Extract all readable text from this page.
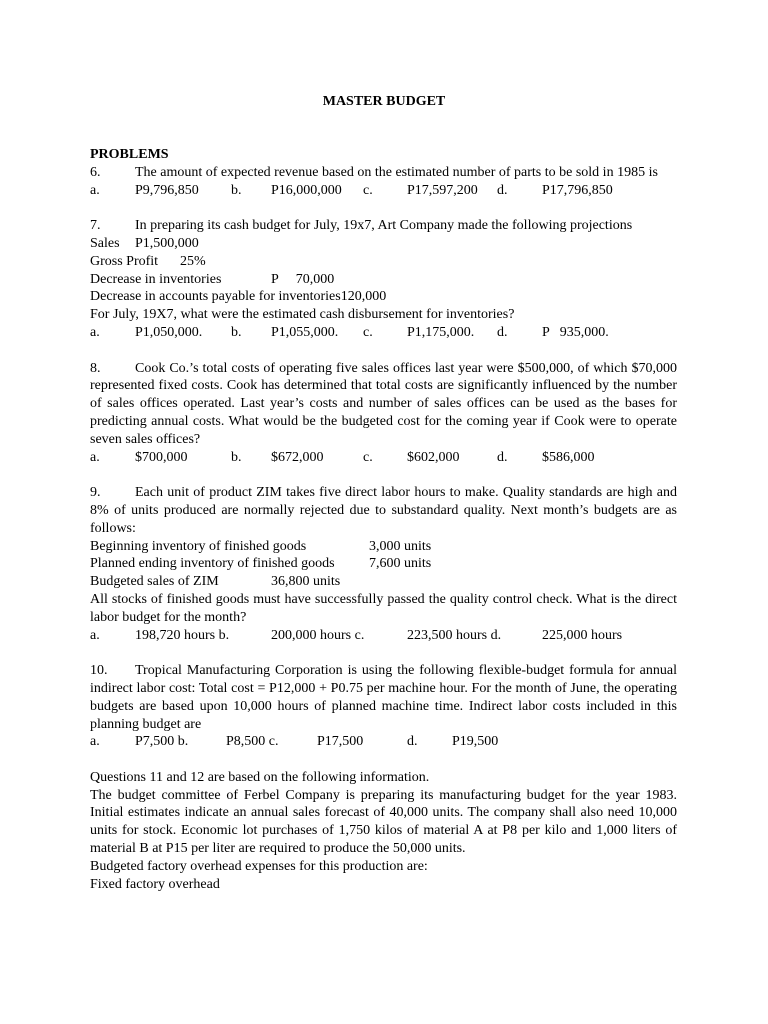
MASTER BUDGET
PROBLEMS
6. The amount of expected revenue based on the estimated number of parts to be sold in 1985 is
a.	P9,796,850 b. P16,000,000 c. P17,597,200 d. P17,796,850
7. In preparing its cash budget for July, 19x7, Art Company made the following projections
Sales P1,500,000
Gross Profit 25%
Decrease in inventories	P     70,000
Decrease in accounts payable for inventories120,000
For July, 19X7, what were the estimated cash disbursement for inventories?
a.	P1,050,000. b. P1,055,000. c. P1,175,000. d. P   935,000.
8. Cook Co.’s total costs of operating five sales offices last year were $500,000, of which $70,000 represented fixed costs. Cook has determined that total costs are significantly influenced by the number of sales offices operated. Last year’s costs and number of sales offices can be used as the bases for predicting annual costs. What would be the budgeted cost for the coming year if Cook were to operate seven sales offices?
a.	$700,000	b. $672,000	c. $602,000	d. $586,000
9. Each unit of product ZIM takes five direct labor hours to make. Quality standards are high and 8% of units produced are normally rejected due to substandard quality. Next month’s budgets are as follows:
Beginning inventory of finished goods	3,000 units
Planned ending inventory of finished goods 7,600 units
Budgeted sales of ZIM	36,800 units
All stocks of finished goods must have successfully passed the quality control check. What is the direct labor budget for the month?
a.	198,720 hours b.	200,000 hours c.	223,500 hours d.	225,000 hours
10. Tropical Manufacturing Corporation is using the following flexible-budget formula for annual indirect labor cost: Total cost = P12,000 + P0.75 per machine hour. For the month of June, the operating budgets are based upon 10,000 hours of planned machine time. Indirect labor costs included in this planning budget are
a.	P7,500 b.	P8,500 c.	P17,500	d. P19,500
Questions 11 and 12 are based on the following information.
The budget committee of Ferbel Company is preparing its manufacturing budget for the year 1983. Initial estimates indicate an annual sales forecast of 40,000 units. The company shall also need 10,000 units for stock. Economic lot purchases of 1,750 kilos of material A at P8 per kilo and 1,000 liters of material B at P15 per liter are required to produce the 50,000 units.
Budgeted factory overhead expenses for this production are:
Fixed factory overhead
